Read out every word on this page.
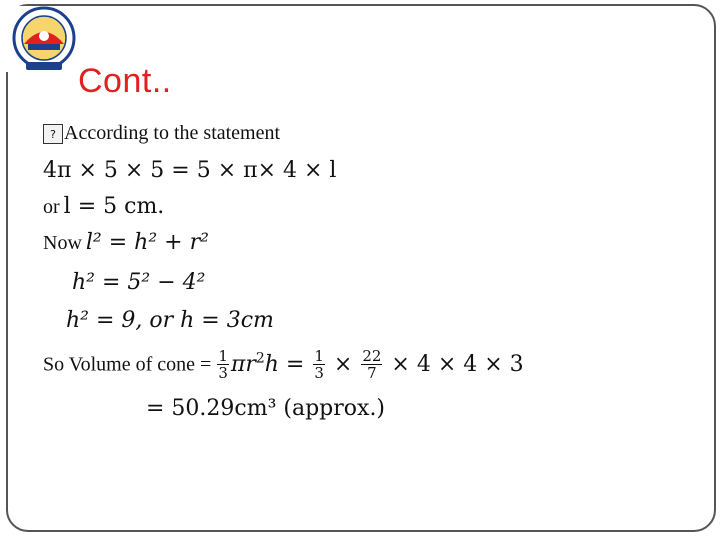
Cont..
? According to the statement
4π × 5 × 5 = 5 × π× 4 × l
or l = 5 cm.
Now l² = h² + r²
h² = 5² − 4²
h² = 9, or h = 3cm
So Volume of cone = $\frac{1}{3} \pi r^2h = \frac{1}{3} \times \frac{22}{7} \times 4 \times 4 \times 3$
= 50.29cm³ (approx.)
